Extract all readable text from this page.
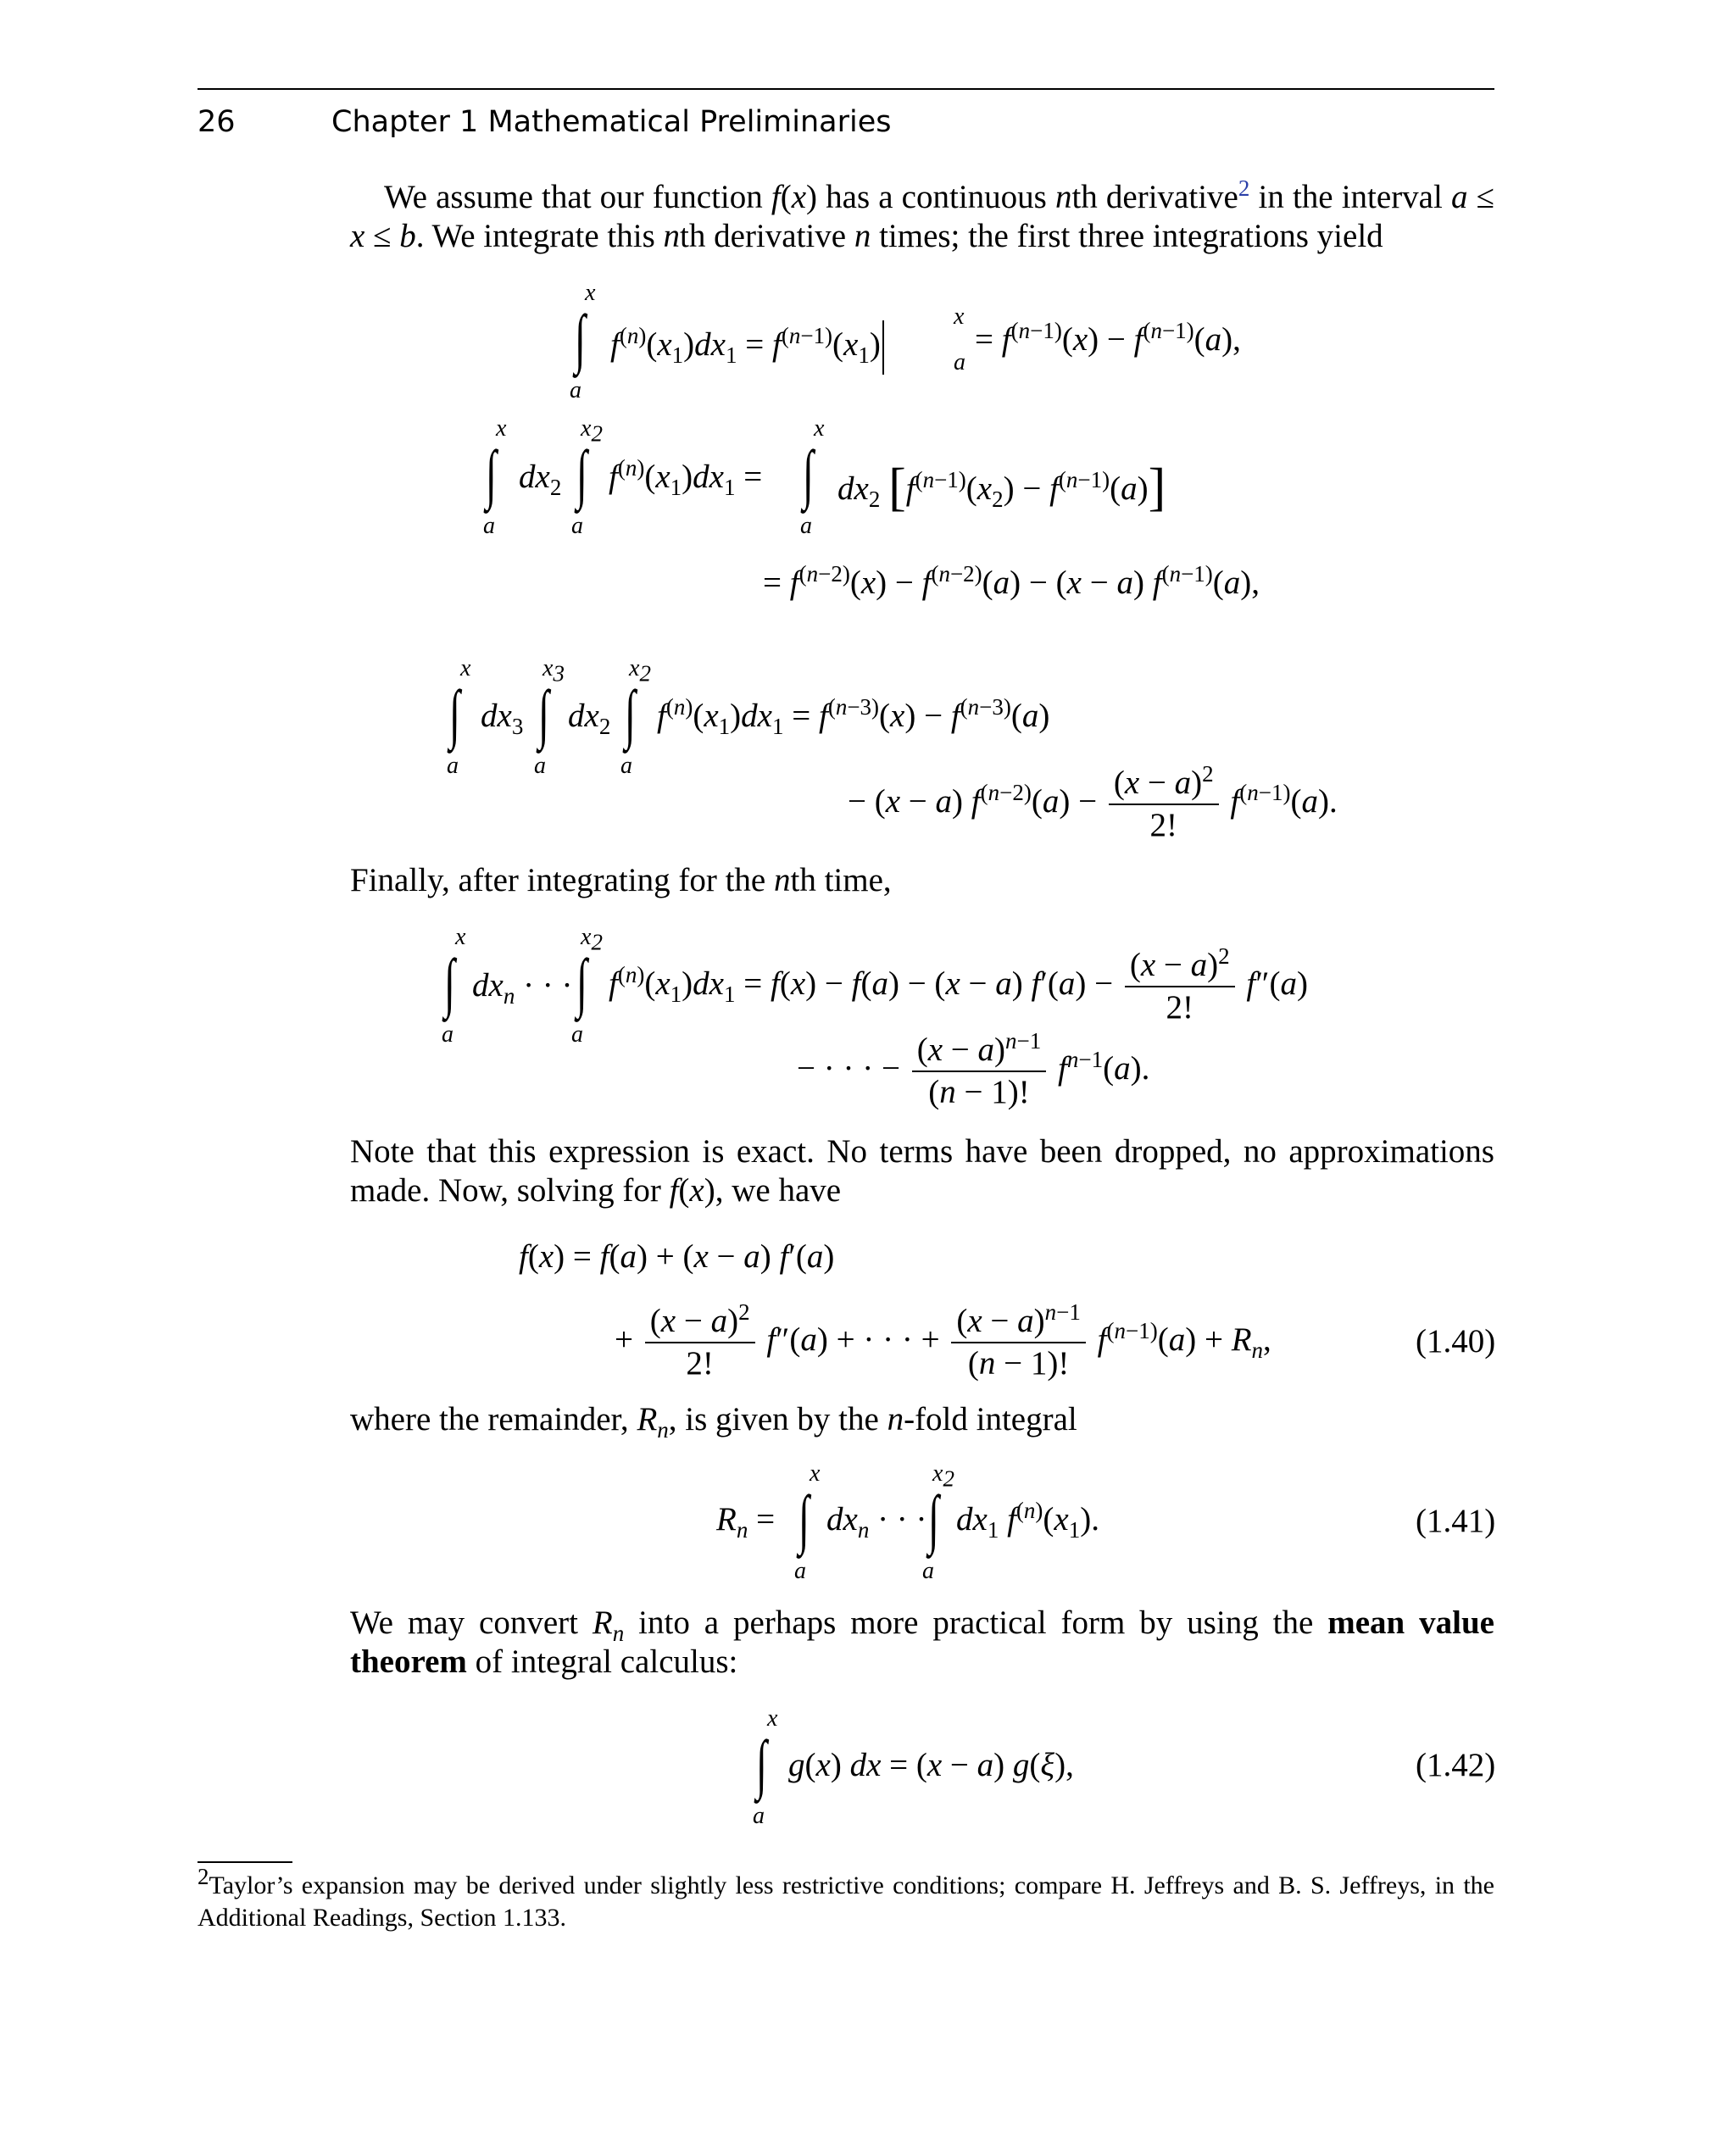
26	Chapter 1 Mathematical Preliminaries
We assume that our function f(x) has a continuous nth derivative$^2$ in the interval a ≤ x ≤ b. We integrate this nth derivative n times; the first three integrations yield
x
∫
a
$f^{(n)}(x_1)dx_1 = f^{(n-1)}(x_1)$
x
a
= $f^{(n-1)}(x) - f^{(n-1)}(a)$,
x
∫
a
$dx_2$
$x_2$
∫
a
$f^{(n)}(x_1)dx_1$ =
x
∫
a
$dx_2$ $[f^{(n-1)}(x_2) - f^{(n-1)}(a)]$
= $f^{(n-2)}(x) - f^{(n-2)}(a) - (x - a)$ $f^{(n-1)}(a)$,
x
∫
a
$dx_3$
$x_3$
∫
a
$dx_2$
$x_2$
∫
a
$f^{(n)}(x_1)dx_1 = f^{(n-3)}(x) - f^{(n-3)}(a)$
− (x − a) $f^{(n-2)}(a) - \frac{(x - a)^2}{2!} f^{(n-1)}(a)$.
Finally, after integrating for the nth time,
x
∫
a
$dx_n$ · · ·
$x_2$
∫
a
$f^{(n)}(x_1)dx_1 = f(x) - f(a) - (x - a) f'(a) - \frac{(x - a)^2}{2!} f''(a)$
− · · · − $\frac{(x - a)^{n-1}}{(n - 1)!} f^{n-1}(a)$.
Note that this expression is exact. No terms have been dropped, no approximations made. Now, solving for f(x), we have
f(x) = f(a) + (x − a) f′(a)
+ $\frac{(x - a)^2}{2!} f''(a)$ + · · · + $\frac{(x - a)^{n-1}}{(n - 1)!} f^{(n-1)}(a) + R_n$,	(1.40)
where the remainder, $R_n$, is given by the n-fold integral
$R_n$ =
x
∫
a
$dx_n$ · · ·
$x_2$
∫
a
$dx_1$ $f^{(n)}(x_1)$.	(1.41)
We may convert $R_n$ into a perhaps more practical form by using the mean value theorem of integral calculus:
x
∫
a
g(x) dx = (x − a) g(ξ),	(1.42)
$^2$Taylor’s expansion may be derived under slightly less restrictive conditions; compare H. Jeffreys and B. S. Jeffreys, in the Additional Readings, Section 1.133.
